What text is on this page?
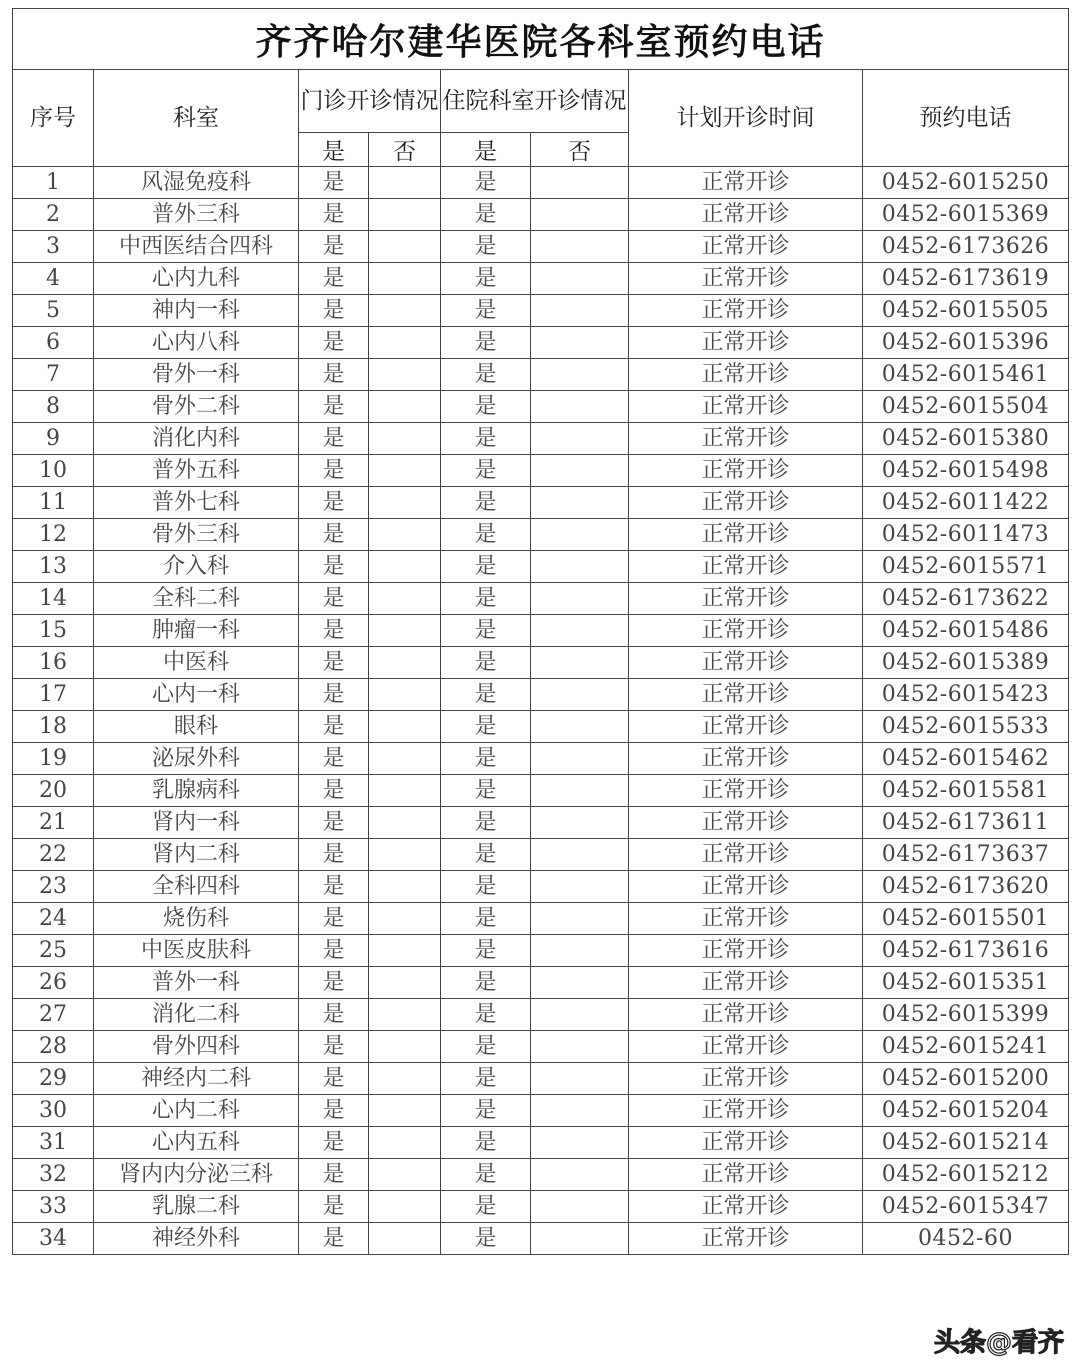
齐齐哈尔建华医院各科室预约电话							
序号	科室	门诊开诊情况		住院科室开诊情况		计划开诊时间	预约电话
		是	否	是	否		
1	风湿免疫科	是		是		正常开诊	0452-6015250
2	普外三科	是		是		正常开诊	0452-6015369
3	中西医结合四科	是		是		正常开诊	0452-6173626
4	心内九科	是		是		正常开诊	0452-6173619
5	神内一科	是		是		正常开诊	0452-6015505
6	心内八科	是		是		正常开诊	0452-6015396
7	骨外一科	是		是		正常开诊	0452-6015461
8	骨外二科	是		是		正常开诊	0452-6015504
9	消化内科	是		是		正常开诊	0452-6015380
10	普外五科	是		是		正常开诊	0452-6015498
11	普外七科	是		是		正常开诊	0452-6011422
12	骨外三科	是		是		正常开诊	0452-6011473
13	介入科	是		是		正常开诊	0452-6015571
14	全科二科	是		是		正常开诊	0452-6173622
15	肿瘤一科	是		是		正常开诊	0452-6015486
16	中医科	是		是		正常开诊	0452-6015389
17	心内一科	是		是		正常开诊	0452-6015423
18	眼科	是		是		正常开诊	0452-6015533
19	泌尿外科	是		是		正常开诊	0452-6015462
20	乳腺病科	是		是		正常开诊	0452-6015581
21	肾内一科	是		是		正常开诊	0452-6173611
22	肾内二科	是		是		正常开诊	0452-6173637
23	全科四科	是		是		正常开诊	0452-6173620
24	烧伤科	是		是		正常开诊	0452-6015501
25	中医皮肤科	是		是		正常开诊	0452-6173616
26	普外一科	是		是		正常开诊	0452-6015351
27	消化二科	是		是		正常开诊	0452-6015399
28	骨外四科	是		是		正常开诊	0452-6015241
29	神经内二科	是		是		正常开诊	0452-6015200
30	心内二科	是		是		正常开诊	0452-6015204
31	心内五科	是		是		正常开诊	0452-6015214
32	肾内内分泌三科	是		是		正常开诊	0452-6015212
33	乳腺二科	是		是		正常开诊	0452-6015347
34	神经外科	是		是		正常开诊	0452-60
头条@看齐
